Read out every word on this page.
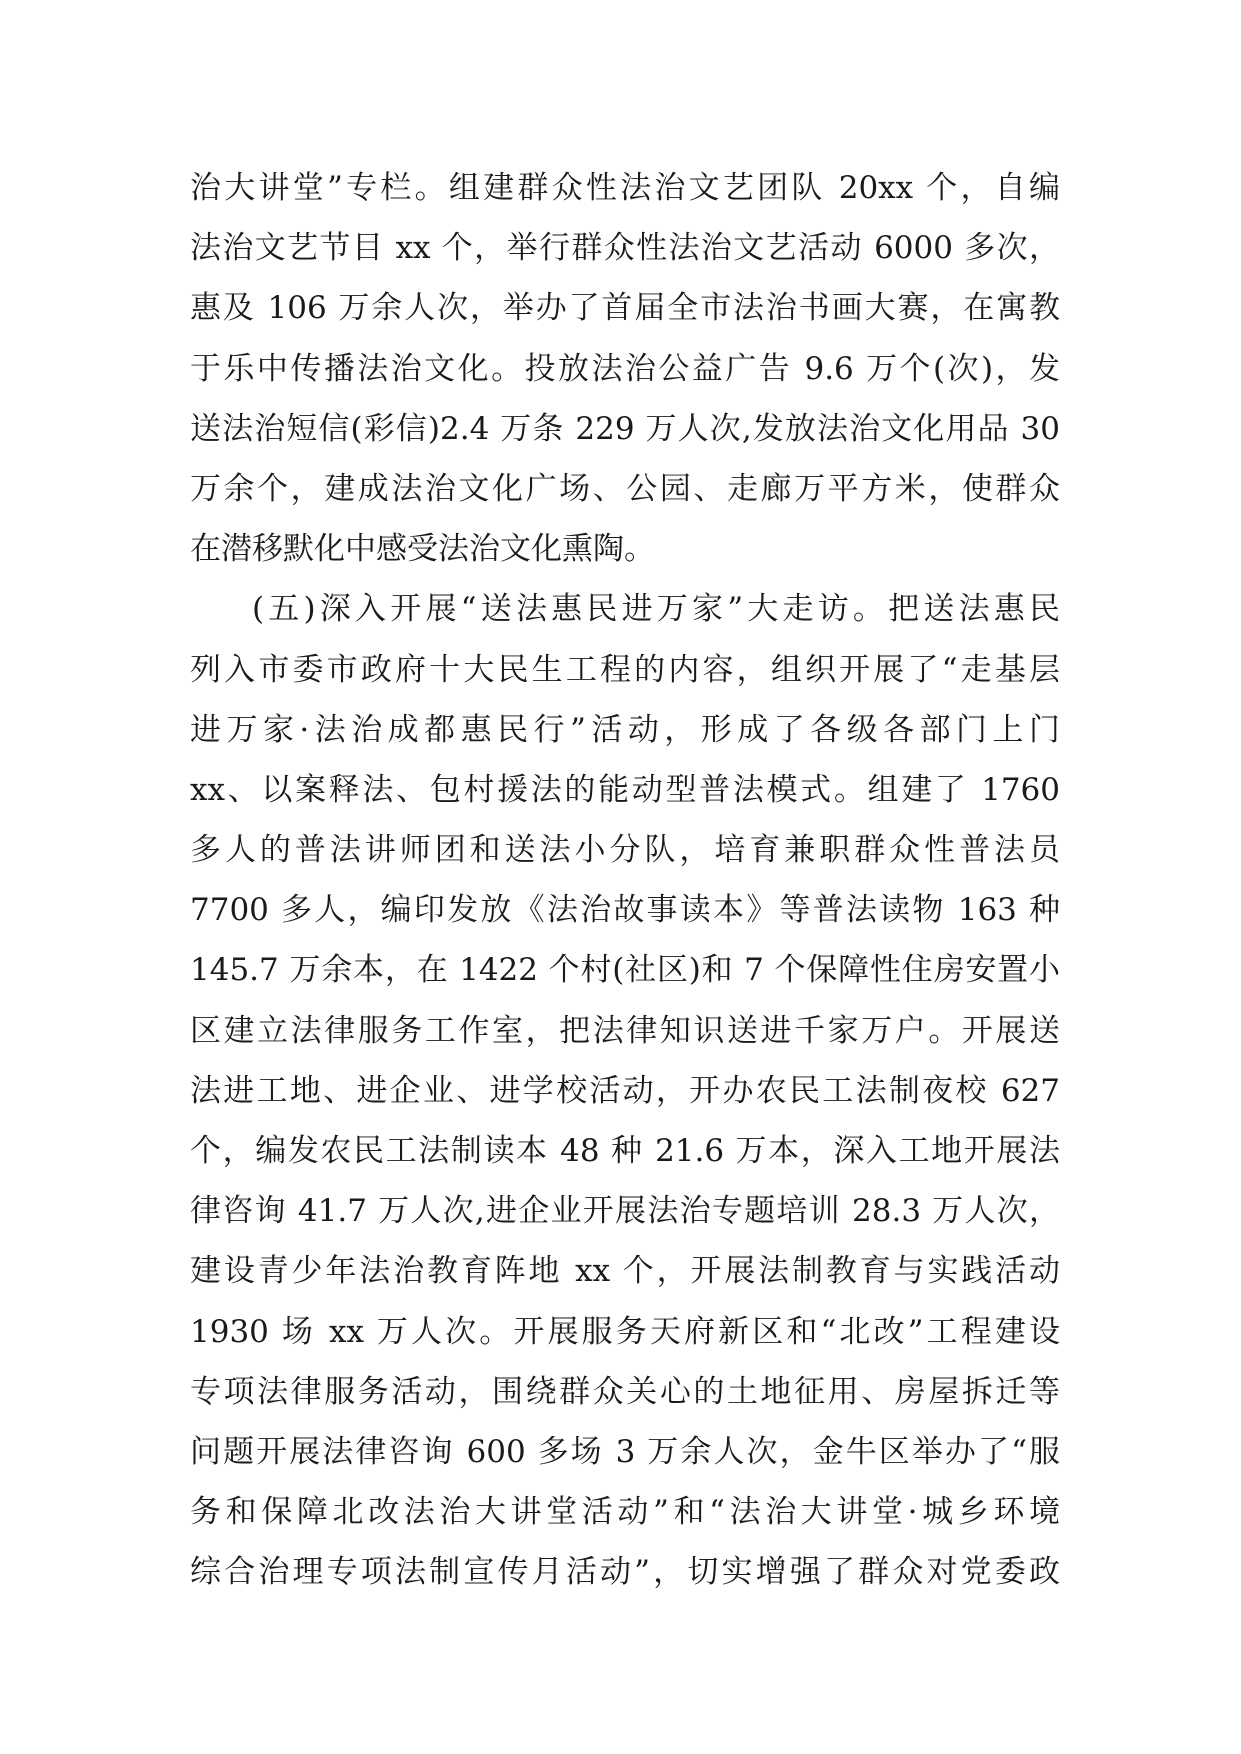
治大讲堂”专栏。组建群众性法治文艺团队 20xx 个，自编
法治文艺节目 xx 个，举行群众性法治文艺活动 6000 多次，
惠及 106 万余人次，举办了首届全市法治书画大赛，在寓教
于乐中传播法治文化。投放法治公益广告 9.6 万个(次)，发
送法治短信(彩信)2.4 万条 229 万人次,发放法治文化用品 30
万余个，建成法治文化广场、公园、走廊万平方米，使群众
在潜移默化中感受法治文化熏陶。
(五)深入开展“送法惠民进万家”大走访。把送法惠民
列入市委市政府十大民生工程的内容，组织开展了“走基层
进万家·法治成都惠民行”活动，形成了各级各部门上门
xx、以案释法、包村援法的能动型普法模式。组建了 1760
多人的普法讲师团和送法小分队，培育兼职群众性普法员
7700 多人，编印发放《法治故事读本》等普法读物 163 种
145.7 万余本，在 1422 个村(社区)和 7 个保障性住房安置小
区建立法律服务工作室，把法律知识送进千家万户。开展送
法进工地、进企业、进学校活动，开办农民工法制夜校 627
个，编发农民工法制读本 48 种 21.6 万本，深入工地开展法
律咨询 41.7 万人次,进企业开展法治专题培训 28.3 万人次，
建设青少年法治教育阵地 xx 个，开展法制教育与实践活动
1930 场 xx 万人次。开展服务天府新区和“北改”工程建设
专项法律服务活动，围绕群众关心的土地征用、房屋拆迁等
问题开展法律咨询 600 多场 3 万余人次，金牛区举办了“服
务和保障北改法治大讲堂活动”和“法治大讲堂·城乡环境
综合治理专项法制宣传月活动”，切实增强了群众对党委政
